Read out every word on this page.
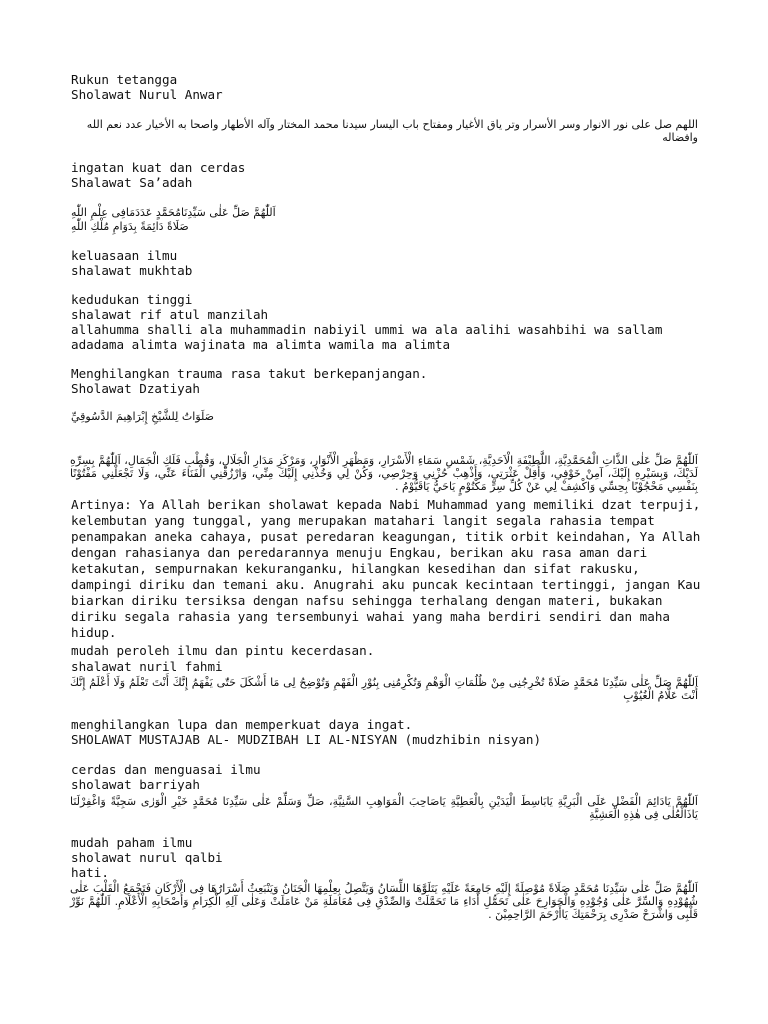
Rukun tetangga
Sholawat Nurul Anwar
اللهم صل على نور الانوار وسر الأسرار وتر ياق الأغيار ومفتاح باب اليسار سيدنا محمد المختار وآله الأطهار واصحا به الأخيار عدد نعم الله وافضاله
ingatan kuat dan cerdas
Shalawat Sa’adah
اَللّٰهُمَّ صَلِّ عَلٰى سَيِّدِنَامُحَمَّدٍ عَدَدَمَافِى عِلْمِ اللّٰهِ
صَلَاةً دَائِمَةً بِدَوَامِ مُلْكِ اللّٰهِ
keluasaan ilmu
shalawat mukhtab
kedudukan tinggi
shalawat rif atul manzilah
allahumma shalli ala muhammadin nabiyil ummi wa ala aalihi wasahbihi wa sallam
adadama alimta wajinata ma alimta wamila ma alimta
Menghilangkan trauma rasa takut berkepanjangan.
Sholawat Dzatiyah
صَلَوَاتُ لِلشَّيْخِ إِبْرَاهِيمَ الدَّسُوقِيِّ
اَللّٰهُمَّ صَلِّ عَلٰى الذَّاتِ الْمُحَمَّدِيَّةِ، اللَّطِيْفَةِ الْاَحَدِيَّةِ، شَمْسِ سَمَاءِ الْأَسْرَارِ، وَمَظْهَرِ الْأَنْوَارِ، وَمَرْكَزِ مَدَارِ الْجَلَالِ، وَقُطْبِ فَلَكِ الْجَمَالِ، اَللّٰهُمَّ بِسِرِّهِ لَدَيْكَ، وَبِسَيْرِهِ إِلَيْكَ، آمِنْ خَوْفِي، وَأَقِلْ عَثْرَتِي، وَأَذْهِبْ حُزْنِي وَحِرْصِي، وَكُنْ لِي وَخُذْنِي إِلَيْكَ مِنِّي، وَارْزُقْنِي الْفَنَاءَ عَنِّي، وَلَا تَجْعَلْنِي مَفْتُوْنًا بِنَفْسِي مَحْجُوْبًا بِحِسِّي وَاكْشِفْ لِي عَنْ كُلِّ سِرٍّ مَكْتُوْمٍ يَاحَيُّ يَاقَيُّوْمُ .
Artinya: Ya Allah berikan sholawat kepada Nabi Muhammad yang memiliki dzat terpuji, kelembutan yang tunggal, yang merupakan matahari langit segala rahasia tempat penampakan aneka cahaya, pusat peredaran keagungan, titik orbit keindahan, Ya Allah dengan rahasianya dan peredarannya menuju Engkau, berikan aku rasa aman dari ketakutan, sempurnakan kekuranganku, hilangkan kesedihan dan sifat rakusku, dampingi diriku dan temani aku. Anugrahi aku puncak kecintaan tertinggi, jangan Kau biarkan diriku tersiksa dengan nafsu sehingga terhalang dengan materi, bukakan diriku segala rahasia yang tersembunyi wahai yang maha berdiri sendiri dan maha hidup.
mudah peroleh ilmu dan pintu kecerdasan.
shalawat nuril fahmi
اَللّٰهُمَّ صَلِّ عَلٰى سَيِّدِنَا مُحَمَّدٍ صَلَاةً تُخْرِجُنِى مِنْ ظُلُمَاتِ الْوَهْمِ وَتُكْرِمُنِى بِنُوْرِ الْفَهْمِ وَتُوْضِحُ لِى مَا أَشْكَلَ حَتّٰى يَفْهَمُ إِنَّكَ أَنْتَ تَعْلَمُ وَلَا أَعْلَمُ إِنَّكَ أَنْتَ عَلَّامُ الْغُيُوْبِ
menghilangkan lupa dan memperkuat daya ingat.
SHOLAWAT MUSTAJAB AL- MUDZIBAH LI AL-NISYAN (mudzhibin nisyan)
cerdas dan menguasai ilmu
sholawat barriyah
اَللّٰهُمَّ يَادَائِمَ الْفَضْلِ عَلَى الْبَرِيَّةِ يَابَاسِطَ الْيَدَيْنِ بِالْعَطِيَّةِ يَاصَاحِبَ الْمَوَاهِبِ السَّنِيَّةِ، صَلِّ وَسَلِّمْ عَلٰى سَيِّدِنَا مُحَمَّدٍ خَيْرِ الْوَرٰى سَجِيَّةً وَاغْفِرْلَنَا يَاذَالْعُلٰى فِى هٰذِهِ الْعَشِيَّةِ
mudah paham ilmu
sholawat nurul qalbi
hati.
اَللّٰهُمَّ صَلِّ عَلٰى سَيِّدِنَا مُحَمَّدٍ صَلَاةً مُوْصِلَةً إِلَيْهِ جَامِعَةً عَلَيْهِ يَتَلَوَّهَا اللِّسَانُ وَيَتَّصِلُ بِعِلْمِهَا الْجَنَانُ وَيَنْبَعِثُ أَسْرَارُهَا فِى الْأَرْكَانِ فَتَجْمَعُ الْقَلْبَ عَلٰى شُهُوْدِهِ وَالسِّرَّ عَلٰى وُجُوْدِهِ وَالْجَوَارِحَ عَلٰى تَحَمُّلِ أَدَاءِ مَا تَحَمَّلَتْ وَالصِّدْقِ فِى مُعَامَلَةِ مَنْ عَامَلَتْ وَعَلٰى آلِهِ الْكِرَامِ وَأَصْحَابِهِ الْأَعْلَامِ. اَللّٰهُمَّ نَوِّرْ قَلْبِى وَاشْرَحْ صَدْرِى بِرَحْمَتِكَ يَاأَرْحَمَ الرَّاحِمِيْنَ .
